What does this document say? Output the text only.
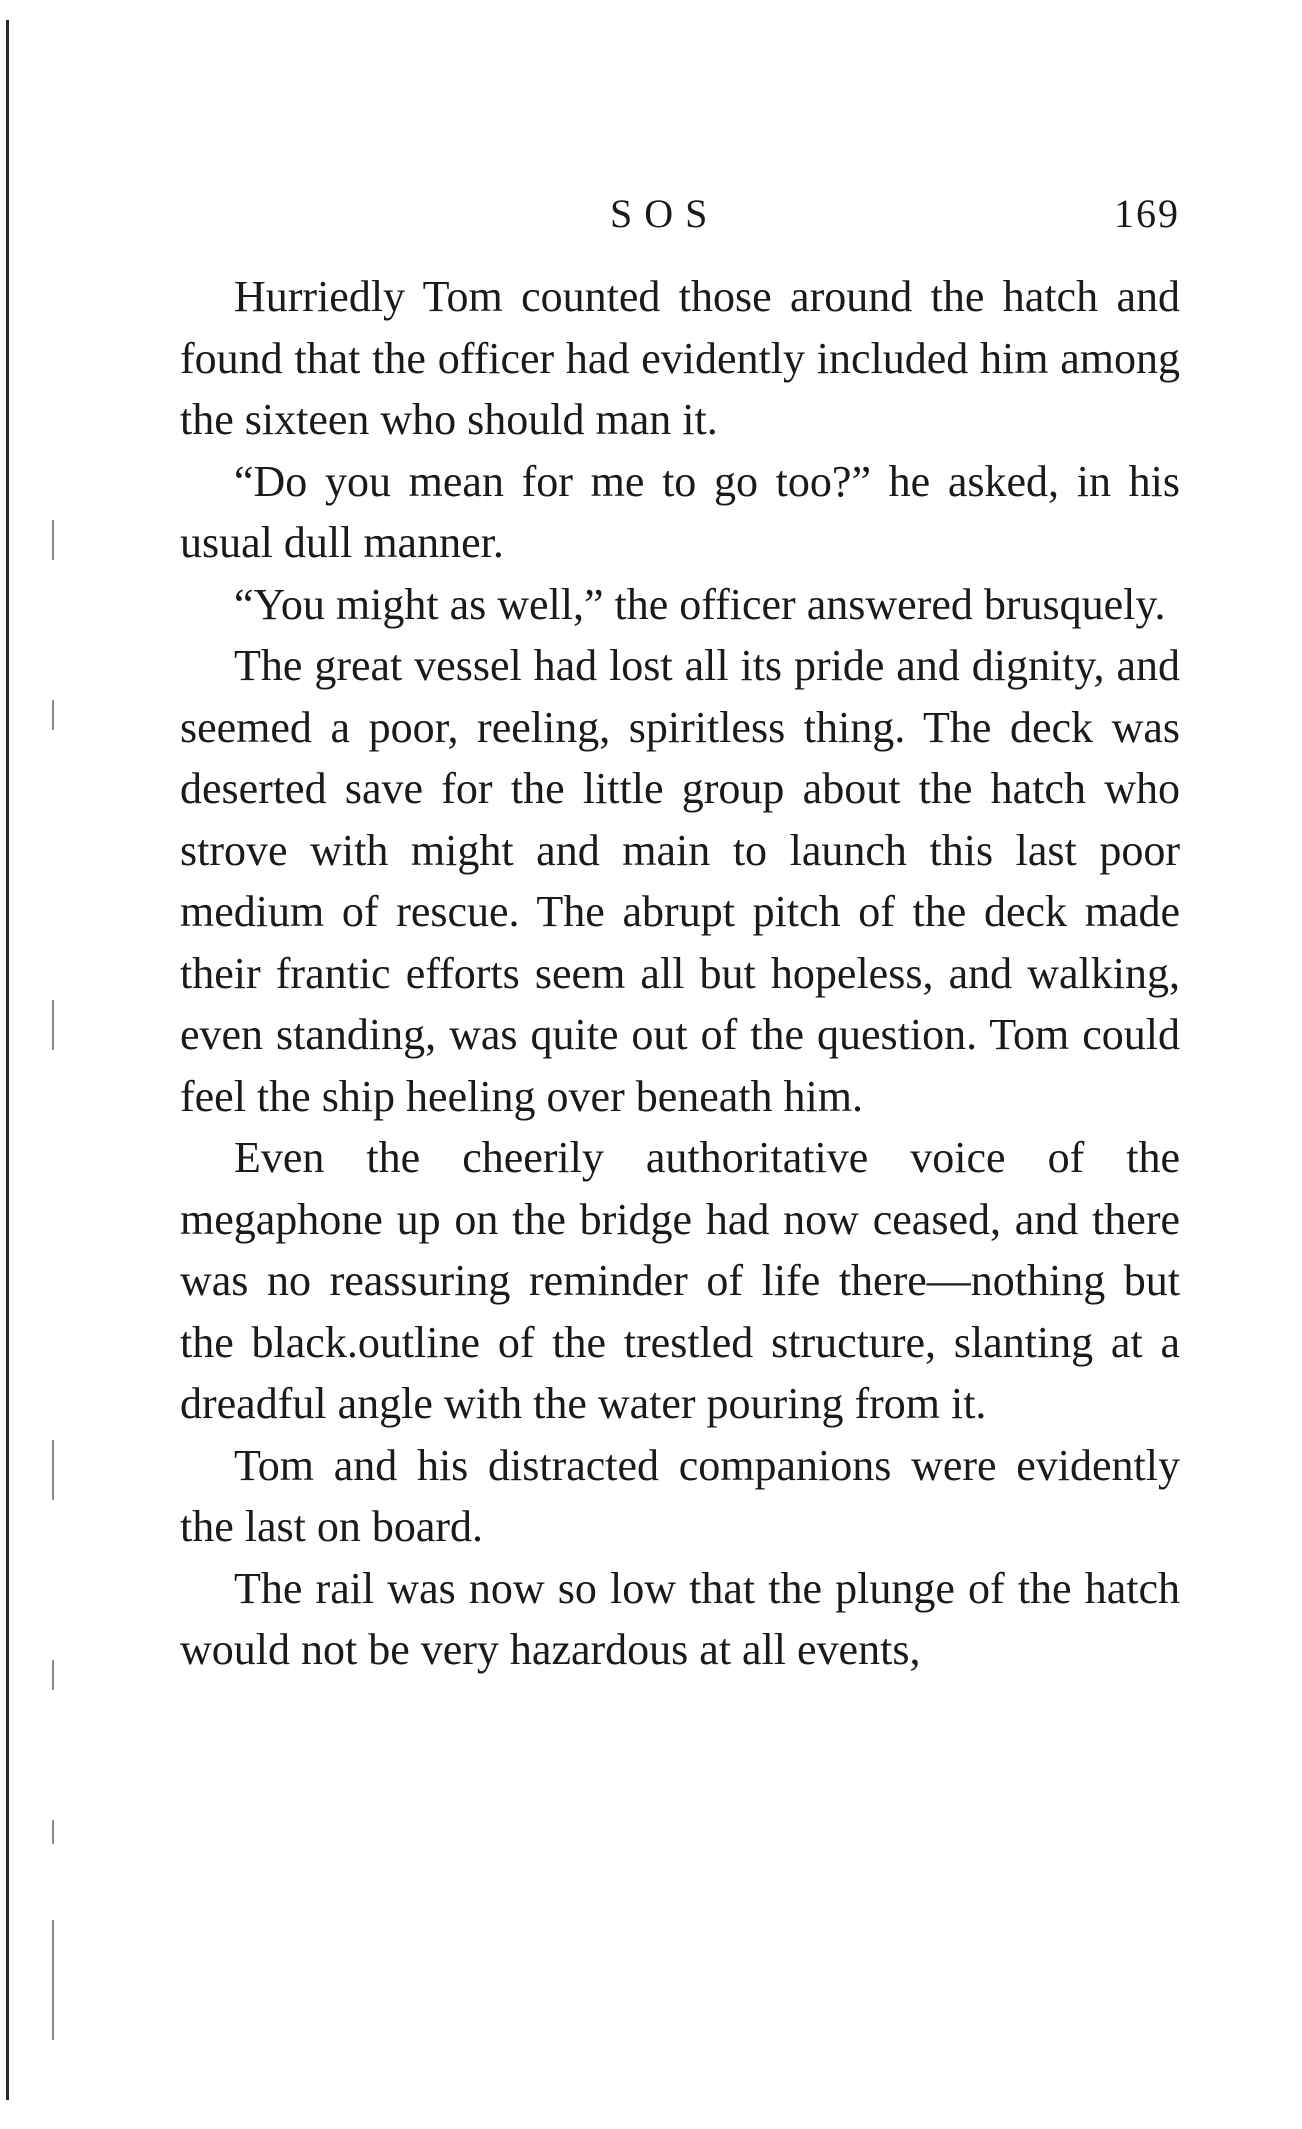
SOS	169

Hurriedly Tom counted those around the hatch and found that the officer had evidently included him among the sixteen who should man it.

“Do you mean for me to go too?” he asked, in his usual dull manner.

“You might as well,” the officer answered brusquely.

The great vessel had lost all its pride and dignity, and seemed a poor, reeling, spiritless thing. The deck was deserted save for the little group about the hatch who strove with might and main to launch this last poor medium of rescue. The abrupt pitch of the deck made their frantic efforts seem all but hopeless, and walking, even standing, was quite out of the question. Tom could feel the ship heeling over beneath him.

Even the cheerily authoritative voice of the megaphone up on the bridge had now ceased, and there was no reassuring reminder of life there—nothing but the black.outline of the trestled structure, slanting at a dreadful angle with the water pouring from it.

Tom and his distracted companions were evidently the last on board.

The rail was now so low that the plunge of the hatch would not be very hazardous at all events,
